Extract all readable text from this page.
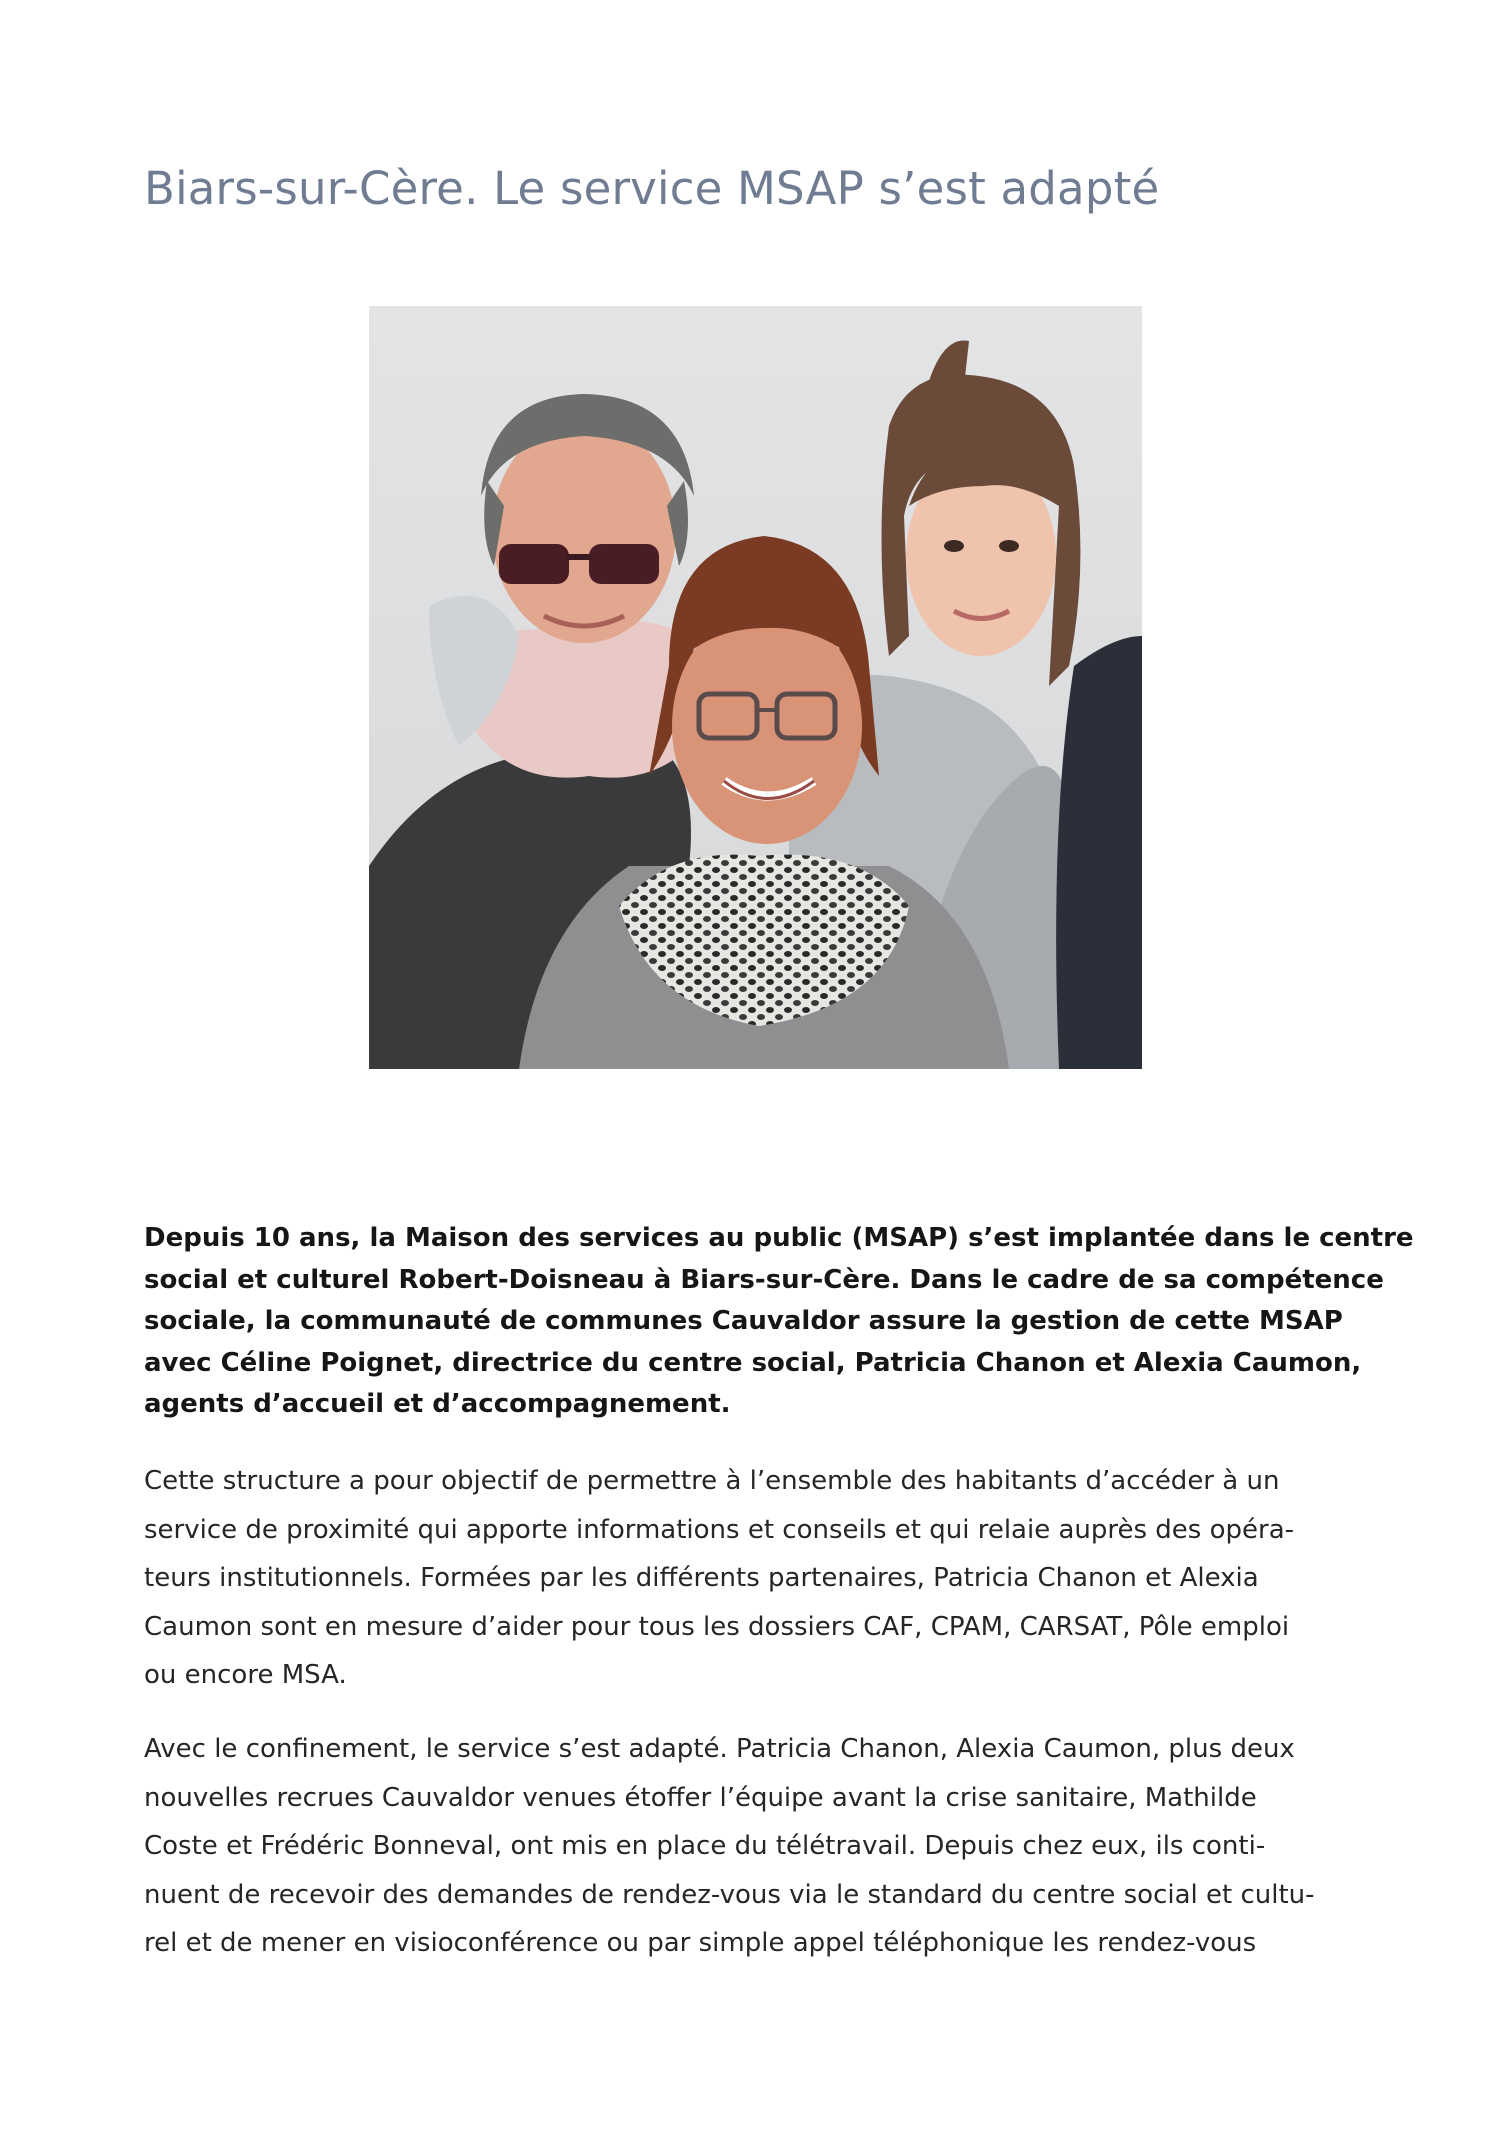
Biars-sur-Cère. Le service MSAP s’est adapté

Depuis 10 ans, la Maison des services au public (MSAP) s’est implantée dans le centre
social et culturel Robert-Doisneau à Biars-sur-Cère. Dans le cadre de sa compétence
sociale, la communauté de communes Cauvaldor assure la gestion de cette MSAP
avec Céline Poignet, directrice du centre social, Patricia Chanon et Alexia Caumon,
agents d’accueil et d’accompagnement.

Cette structure a pour objectif de permettre à l’ensemble des habitants d’accéder à un
service de proximité qui apporte informations et conseils et qui relaie auprès des opéra-
teurs institutionnels. Formées par les différents partenaires, Patricia Chanon et Alexia
Caumon sont en mesure d’aider pour tous les dossiers CAF, CPAM, CARSAT, Pôle emploi
ou encore MSA.

Avec le confinement, le service s’est adapté. Patricia Chanon, Alexia Caumon, plus deux
nouvelles recrues Cauvaldor venues étoffer l’équipe avant la crise sanitaire, Mathilde
Coste et Frédéric Bonneval, ont mis en place du télétravail. Depuis chez eux, ils conti-
nuent de recevoir des demandes de rendez-vous via le standard du centre social et cultu-
rel et de mener en visioconférence ou par simple appel téléphonique les rendez-vous
